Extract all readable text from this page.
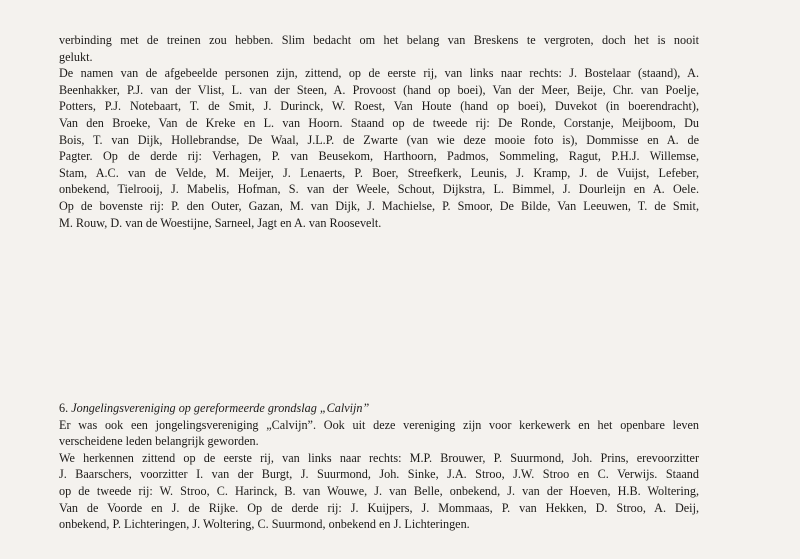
verbinding met de treinen zou hebben. Slim bedacht om het belang van Breskens te vergroten, doch het is nooit
gelukt.
De namen van de afgebeelde personen zijn, zittend, op de eerste rij, van links naar rechts: J. Bostelaar (staand), A.
Beenhakker, P.J. van der Vlist, L. van der Steen, A. Provoost (hand op boei), Van der Meer, Beije, Chr. van Poelje,
Potters, P.J. Notebaart, T. de Smit, J. Durinck, W. Roest, Van Houte (hand op boei), Duvekot (in boerendracht),
Van den Broeke, Van de Kreke en L. van Hoorn. Staand op de tweede rij: De Ronde, Corstanje, Meijboom, Du
Bois, T. van Dijk, Hollebrandse, De Waal, J.L.P. de Zwarte (van wie deze mooie foto is), Dommisse en A. de
Pagter. Op de derde rij: Verhagen, P. van Beusekom, Harthoorn, Padmos, Sommeling, Ragut, P.H.J. Willemse,
Stam, A.C. van de Velde, M. Meijer, J. Lenaerts, P. Boer, Streefkerk, Leunis, J. Kramp, J. de Vuijst, Lefeber,
onbekend, Tielrooij, J. Mabelis, Hofman, S. van der Weele, Schout, Dijkstra, L. Bimmel, J. Dourleijn en A. Oele.
Op de bovenste rij: P. den Outer, Gazan, M. van Dijk, J. Machielse, P. Smoor, De Bilde, Van Leeuwen, T. de Smit,
M. Rouw, D. van de Woestijne, Sarneel, Jagt en A. van Roosevelt.
6. Jongelingsvereniging op gereformeerde grondslag „Calvijn”
Er was ook een jongelingsvereniging „Calvijn”. Ook uit deze vereniging zijn voor kerkewerk en het openbare leven
verscheidene leden belangrijk geworden.
We herkennen zittend op de eerste rij, van links naar rechts: M.P. Brouwer, P. Suurmond, Joh. Prins, erevoorzitter
J. Baarschers, voorzitter I. van der Burgt, J. Suurmond, Joh. Sinke, J.A. Stroo, J.W. Stroo en C. Verwijs. Staand
op de tweede rij: W. Stroo, C. Harinck, B. van Wouwe, J. van Belle, onbekend, J. van der Hoeven, H.B. Woltering,
Van de Voorde en J. de Rijke. Op de derde rij: J. Kuijpers, J. Mommaas, P. van Hekken, D. Stroo, A. Deij,
onbekend, P. Lichteringen, J. Woltering, C. Suurmond, onbekend en J. Lichteringen.
